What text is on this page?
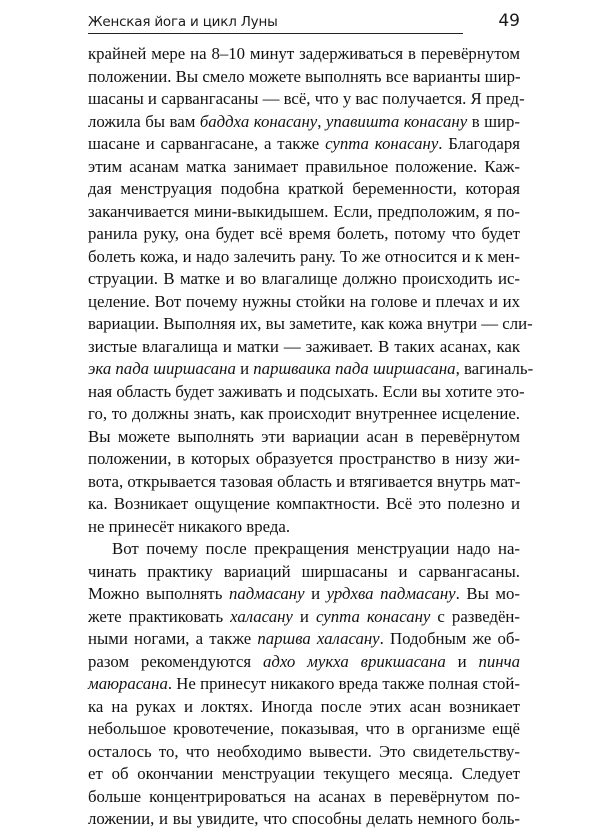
Женская йога и цикл Луны	49
крайней мере на 8–10 минут задерживаться в перевёрнутом
положении. Вы смело можете выполнять все варианты шир-
шасаны и сарвангасаны — всё, что у вас получается. Я пред-
ложила бы вам баддха конасану, упавишта конасану в шир-
шасане и сарвангасане, а также супта конасану. Благодаря
этим асанам матка занимает правильное положение. Каж-
дая менструация подобна краткой беременности, которая
заканчивается мини-выкидышем. Если, предположим, я по-
ранила руку, она будет всё время болеть, потому что будет
болеть кожа, и надо залечить рану. То же относится и к мен-
струации. В матке и во влагалище должно происходить ис-
целение. Вот почему нужны стойки на голове и плечах и их
вариации. Выполняя их, вы заметите, как кожа внутри — сли-
зистые влагалища и матки — заживает. В таких асанах, как
эка пада ширшасана и паршваика пада ширшасана, вагиналь-
ная область будет заживать и подсыхать. Если вы хотите это-
го, то должны знать, как происходит внутреннее исцеление.
Вы можете выполнять эти вариации асан в перевёрнутом
положении, в которых образуется пространство в низу жи-
вота, открывается тазовая область и втягивается внутрь мат-
ка. Возникает ощущение компактности. Всё это полезно и
не принесёт никакого вреда.
Вот почему после прекращения менструации надо на-
чинать практику вариаций ширшасаны и сарвангасаны.
Можно выполнять падмасану и урдхва падмасану. Вы мо-
жете практиковать халасану и супта конасану с разведён-
ными ногами, а также паршва халасану. Подобным же об-
разом рекомендуются адхо мукха врикшасана и пинча
маюрасана. Не принесут никакого вреда также полная стой-
ка на руках и локтях. Иногда после этих асан возникает
небольшое кровотечение, показывая, что в организме ещё
осталось то, что необходимо вывести. Это свидетельству-
ет об окончании менструации текущего месяца. Следует
больше концентрироваться на асанах в перевёрнутом по-
ложении, и вы увидите, что способны делать немного боль-
